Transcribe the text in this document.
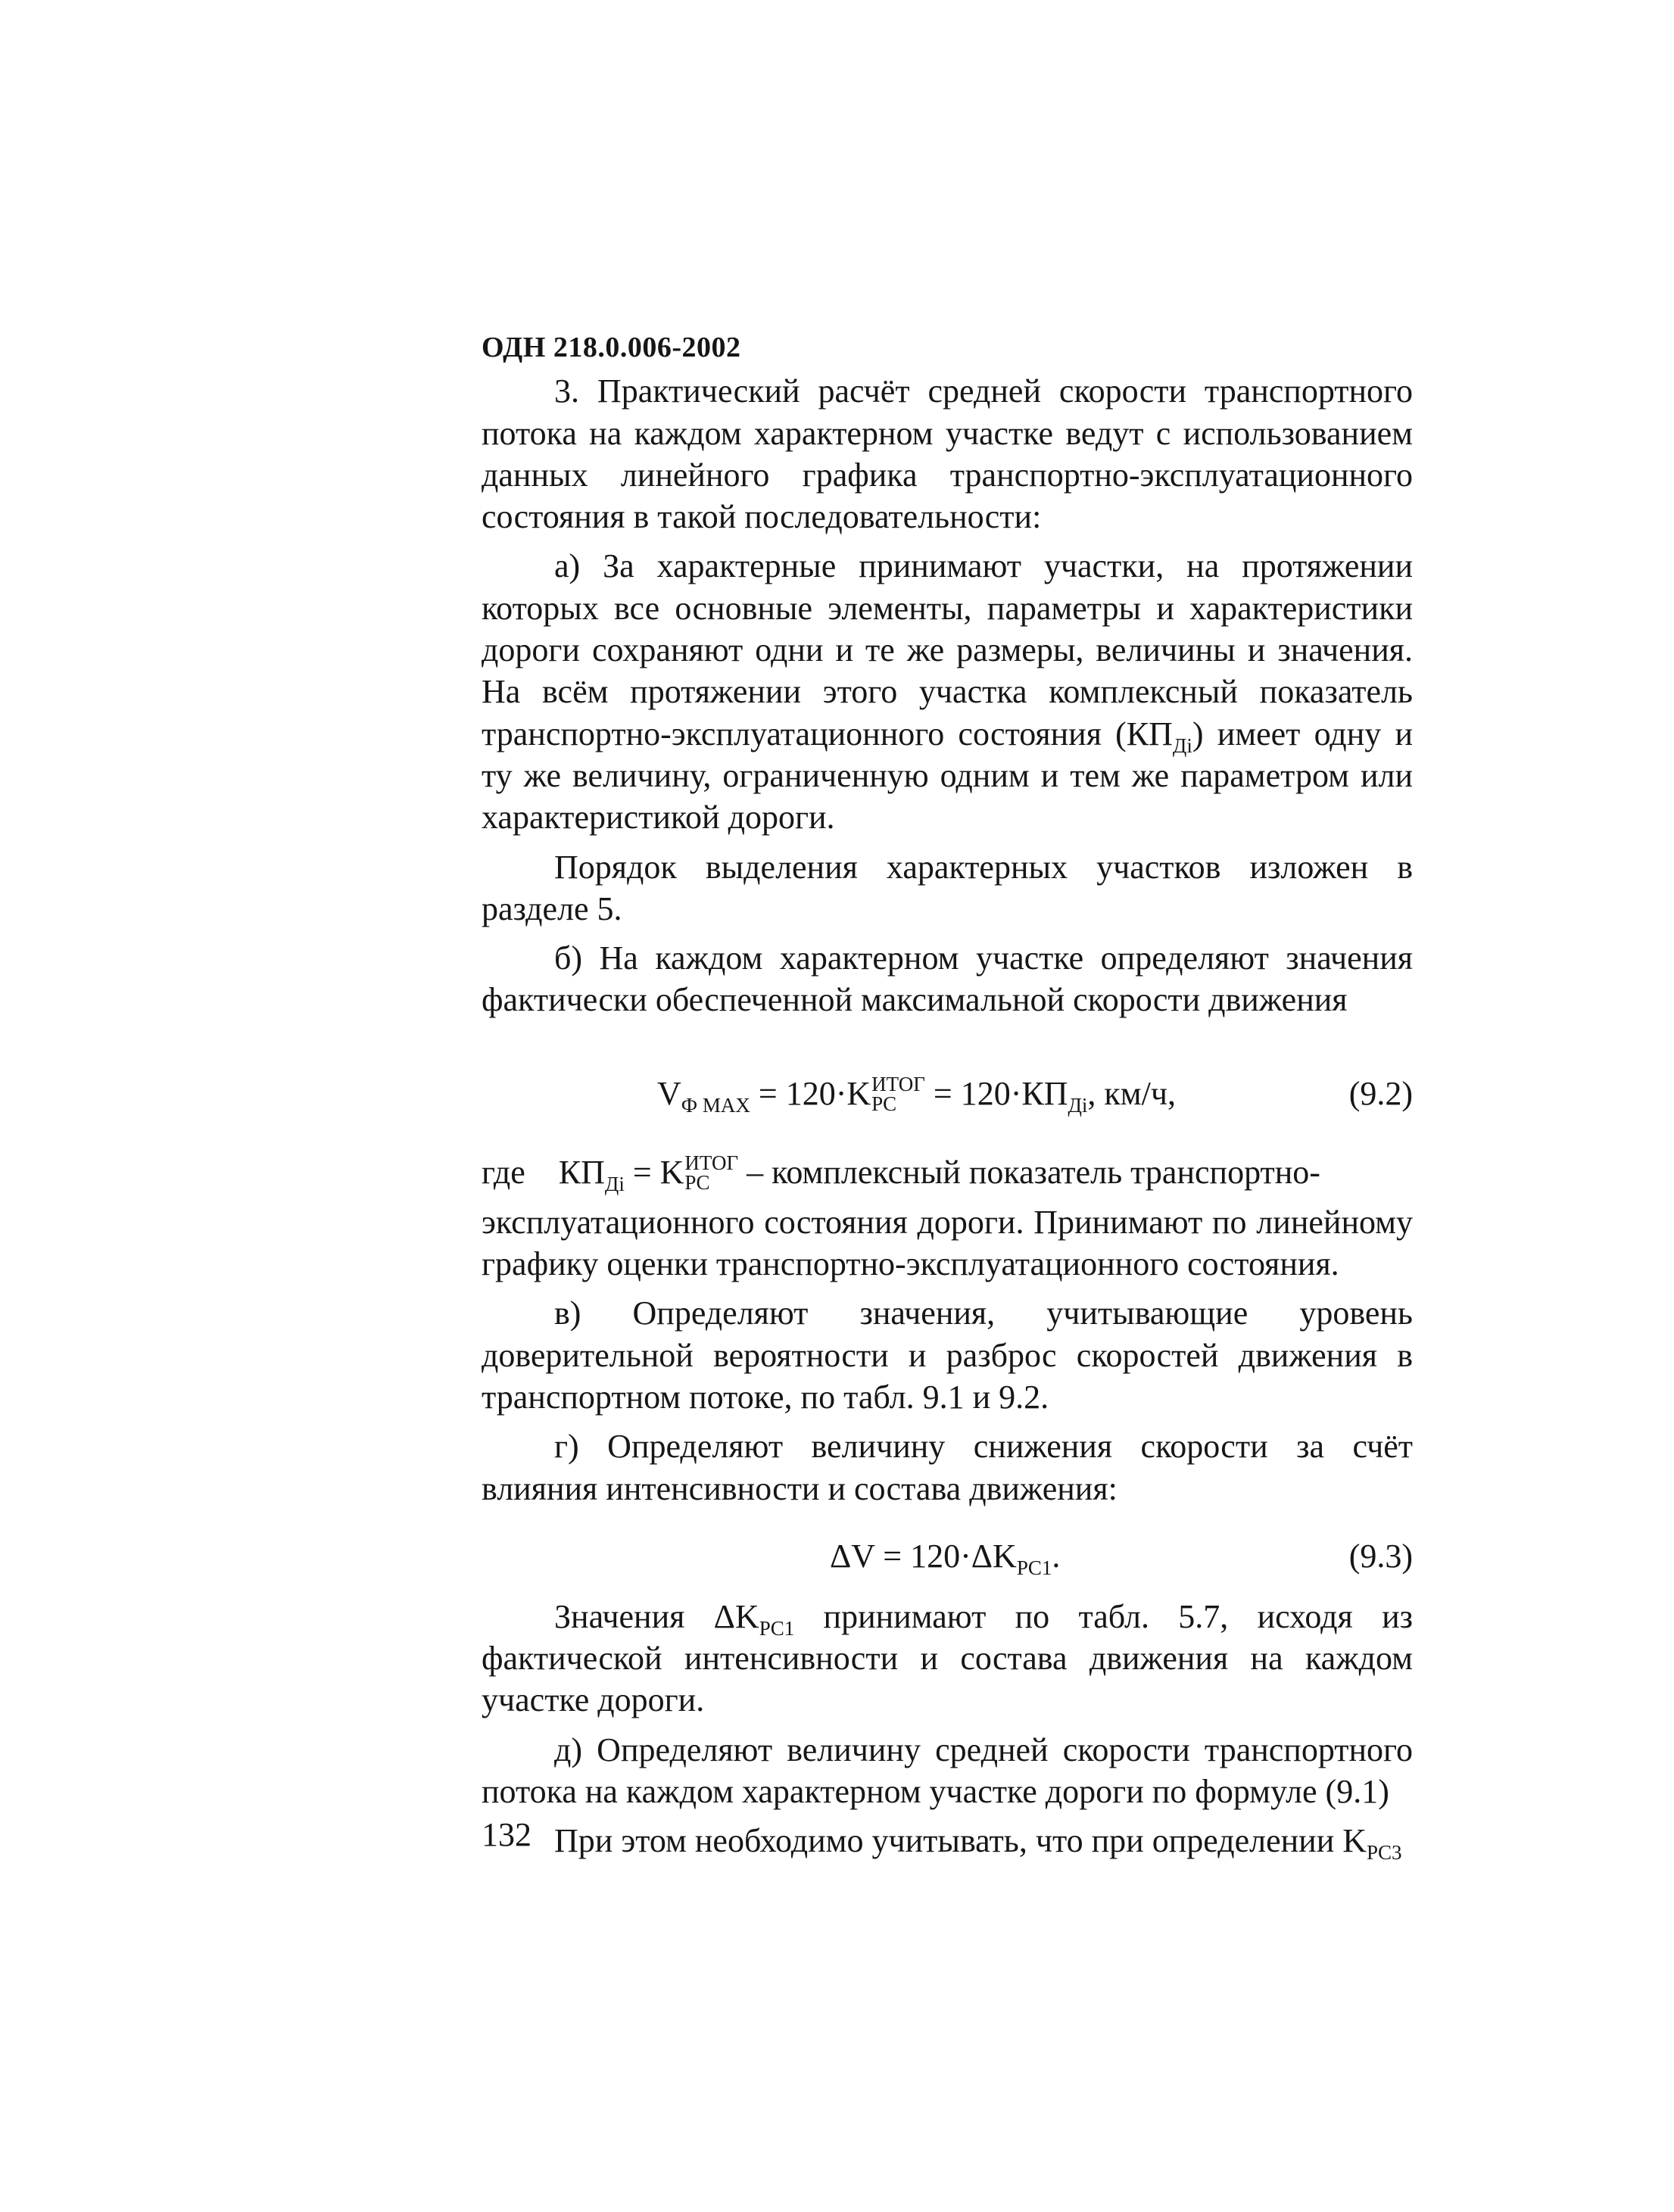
ОДН 218.0.006-2002

3. Практический расчёт средней скорости транспортного потока на каждом характерном участке ведут с использованием данных линейного графика транспортно-эксплуатационного состояния в такой последовательности:

а) За характерные принимают участки, на протяжении которых все основные элементы, параметры и характеристики дороги сохраняют одни и те же размеры, величины и значения. На всём протяжении этого участка комплексный показатель транспортно-эксплуатационного состояния $(КП_{Дi})$ имеет одну и ту же величину, ограниченную одним и тем же параметром или характеристикой дороги.

Порядок выделения характерных участков изложен в разделе 5.

б) На каждом характерном участке определяют значения фактически обеспеченной максимальной скорости движения

$V_{Ф MAX} = 120\cdot K$ ИТОГ
PC = $120\cdot КП_{Дi}$, км/ч,	(9.2)
где $КП_{Дi} = K$ ИТОГ
PC – комплексный показатель транспортно-

эксплуатационного состояния дороги. Принимают по линейному графику оценки транспортно-эксплуатационного состояния.

в) Определяют значения, учитывающие уровень доверительной вероятности и разброс скоростей движения в транспортном потоке, по табл. 9.1 и 9.2.

г) Определяют величину снижения скорости за счёт влияния интенсивности и состава движения:

$\Delta V = 120\cdot\Delta K_{PC1}$.	(9.3)

Значения $\Delta K_{PC1}$ принимают по табл. 5.7, исходя из фактической интенсивности и состава движения на каждом участке дороги.

д) Определяют величину средней скорости транспортного потока на каждом характерном участке дороги по формуле (9.1)

При этом необходимо учитывать, что при определении $K_{PC3}$

132
